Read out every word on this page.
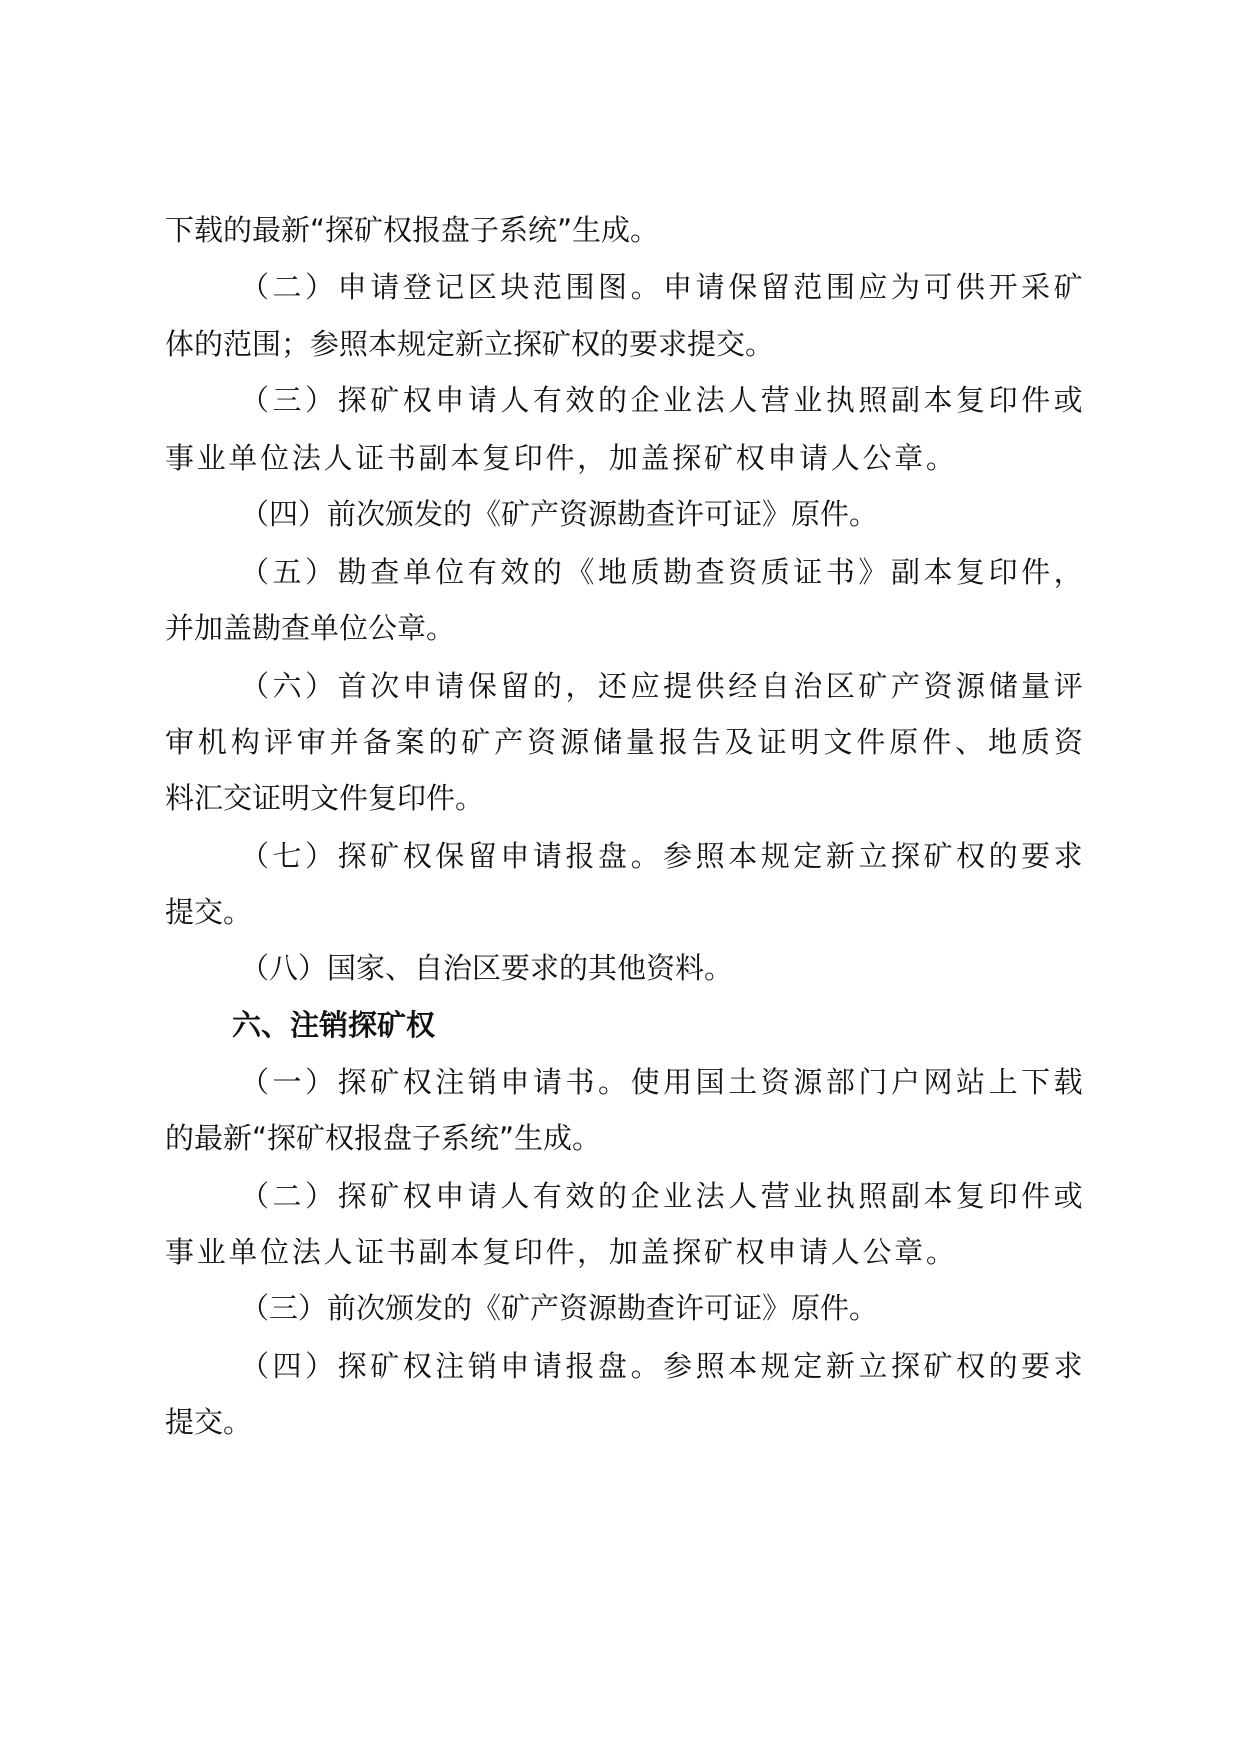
下载的最新“探矿权报盘子系统”生成。
（ 二 ） 申 请 登 记 区 块 范 围 图 。 申 请 保 留 范 围 应 为 可 供 开 采 矿
体的范围；参照本规定新立探矿权的要求提交。
（ 三 ） 探 矿 权 申 请 人 有 效 的 企 业 法 人 营 业 执 照 副 本 复 印 件 或
事 业 单 位 法 人 证 书 副 本 复 印 件 ， 加 盖 探 矿 权 申 请 人 公 章 。
（四）前次颁发的《矿产资源勘查许可证》原件。
（ 五 ） 勘 查 单 位 有 效 的 《 地 质 勘 查 资 质 证 书 》 副 本 复 印 件 ，
并加盖勘查单位公章。
（ 六 ） 首 次 申 请 保 留 的 ， 还 应 提 供 经 自 治 区 矿 产 资 源 储 量 评
审 机 构 评 审 并 备 案 的 矿 产 资 源 储 量 报 告 及 证 明 文 件 原 件 、 地 质 资
料汇交证明文件复印件。
（ 七 ） 探 矿 权 保 留 申 请 报 盘 。 参 照 本 规 定 新 立 探 矿 权 的 要 求
提交。
（八）国家、自治区要求的其他资料。
六、注销探矿权
（ 一 ） 探 矿 权 注 销 申 请 书 。 使 用 国 土 资 源 部 门 户 网 站 上 下 载
的最新“探矿权报盘子系统”生成。
（ 二 ） 探 矿 权 申 请 人 有 效 的 企 业 法 人 营 业 执 照 副 本 复 印 件 或
事 业 单 位 法 人 证 书 副 本 复 印 件 ， 加 盖 探 矿 权 申 请 人 公 章 。
（三）前次颁发的《矿产资源勘查许可证》原件。
（ 四 ） 探 矿 权 注 销 申 请 报 盘 。 参 照 本 规 定 新 立 探 矿 权 的 要 求
提交。
